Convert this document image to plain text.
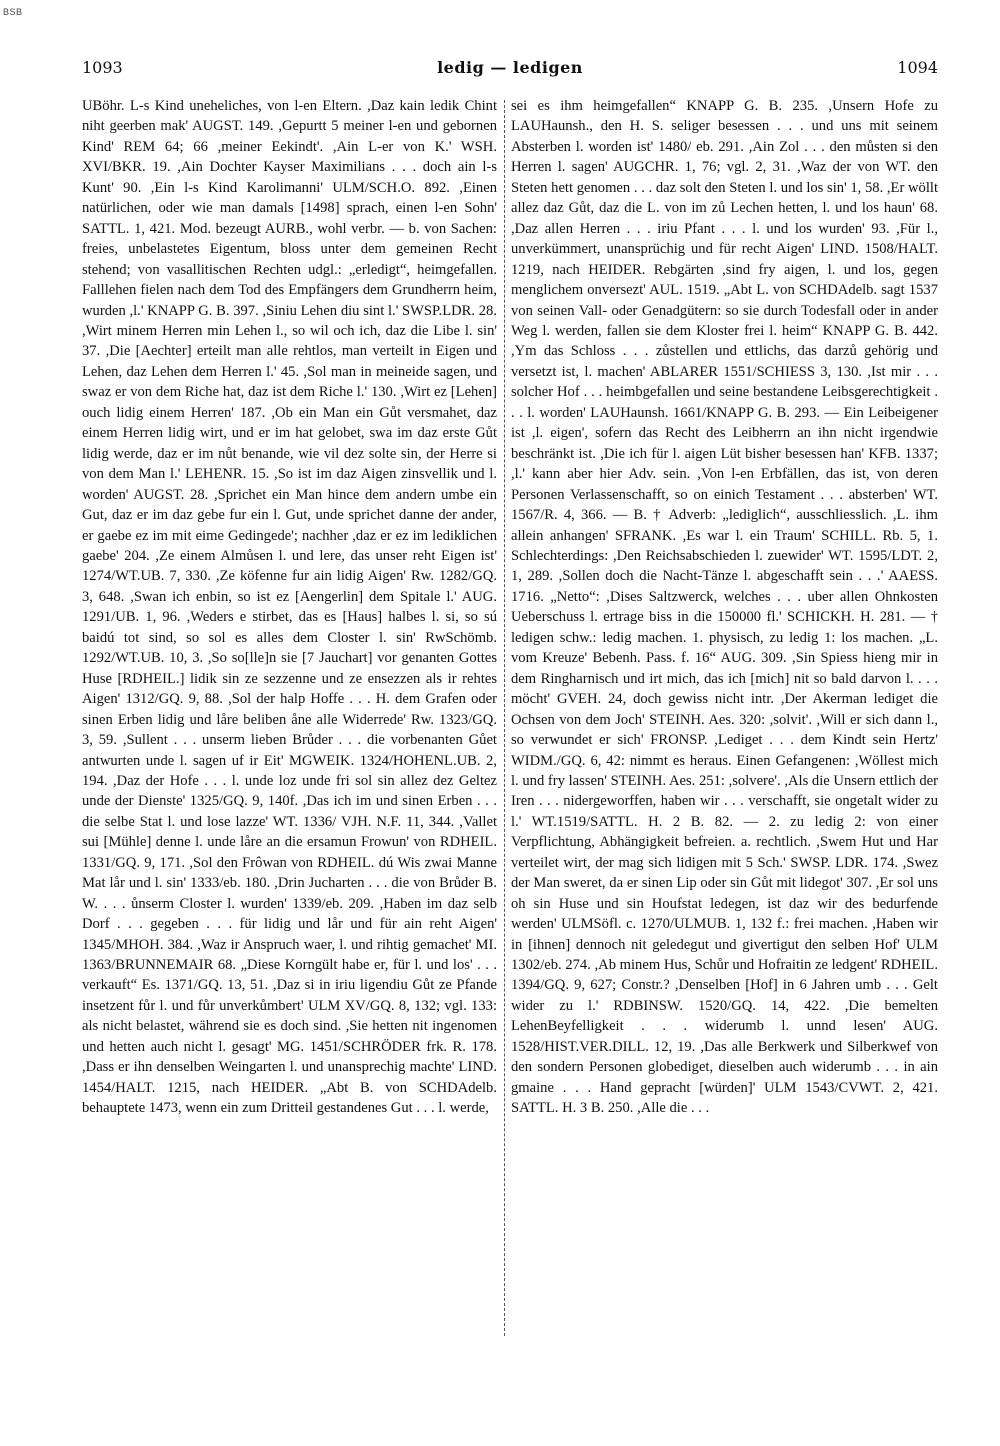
BSB
1093	ledig — ledigen	1094

UBöhr. L-s Kind uneheliches, von l-en Eltern. ,Daz kain ledik Chint niht geerben mak' AUGST. 149. ,Gepurtt 5 meiner l-en und gebornen Kind' REM 64; 66 ,meiner Eekindt'. ,Ain L-er von K.' WSH. XVI/BKR. 19. ,Ain Dochter Kayser Maximilians . . . doch ain l-s Kunt' 90. ,Ein l-s Kind Karolimanni' ULM/SCH.O. 892. ,Einen natürlichen, oder wie man damals [1498] sprach, einen l-en Sohn' SATTL. 1, 421. Mod. bezeugt AURB., wohl verbr. — b. von Sachen: freies, unbelastetes Eigentum, bloss unter dem gemeinen Recht stehend; von vasallitischen Rechten udgl.: „erledigt“, heimgefallen. Falllehen fielen nach dem Tod des Empfängers dem Grundherrn heim, wurden ,l.' KNAPP G. B. 397. ,Siniu Lehen diu sint l.' SWSP.LDR. 28. ,Wirt minem Herren min Lehen l., so wil och ich, daz die Libe l. sin' 37. ,Die [Aechter] erteilt man alle rehtlos, man verteilt in Eigen und Lehen, daz Lehen dem Herren l.' 45. ,Sol man in meineide sagen, und swaz er von dem Riche hat, daz ist dem Riche l.' 130. ,Wirt ez [Lehen] ouch lidig einem Herren' 187. ,Ob ein Man ein Gůt versmahet, daz einem Herren lidig wirt, und er im hat gelobet, swa im daz erste Gůt lidig werde, daz er im nůt benande, wie vil dez solte sin, der Herre si von dem Man l.' LEHENR. 15. ,So ist im daz Aigen zinsvellik und l. worden' AUGST. 28. ,Sprichet ein Man hince dem andern umbe ein Gut, daz er im daz gebe fur ein l. Gut, unde sprichet danne der ander, er gaebe ez im mit eime Gedingede'; nachher ,daz er ez im lediklichen gaebe' 204. ,Ze einem Almůsen l. und lere, das unser reht Eigen ist' 1274/WT.UB. 7, 330. ,Ze köfenne fur ain lidig Aigen' Rw. 1282/GQ. 3, 648. ,Swan ich enbin, so ist ez [Aengerlin] dem Spitale l.' AUG. 1291/UB. 1, 96. ,Weders e stirbet, das es [Haus] halbes l. si, so sú baidú tot sind, so sol es alles dem Closter l. sin' RwSchömb. 1292/WT.UB. 10, 3. ,So so[lle]n sie [7 Jauchart] vor genanten Gottes Huse [RDHEIL.] lidik sin ze sezzenne und ze ensezzen als ir rehtes Aigen' 1312/GQ. 9, 88. ,Sol der halp Hoffe . . . H. dem Grafen oder sinen Erben lidig und låre beliben åne alle Widerrede' Rw. 1323/GQ. 3, 59. ,Sullent . . . unserm lieben Brůder . . . die vorbenanten Gůet antwurten unde l. sagen uf ir Eit' MGWEIK. 1324/HOHENL.UB. 2, 194. ,Daz der Hofe . . . l. unde loz unde fri sol sin allez dez Geltez unde der Dienste' 1325/GQ. 9, 140f. ,Das ich im und sinen Erben . . . die selbe Stat l. und lose lazze' WT. 1336/ VJH. N.F. 11, 344. ,Vallet sui [Mühle] denne l. unde låre an die ersamun Frowun' von RDHEIL. 1331/GQ. 9, 171. ,Sol den Frôwan von RDHEIL. dú Wis zwai Manne Mat lår und l. sin' 1333/eb. 180. ,Drin Jucharten . . . die von Brůder B. W. . . . ůnserm Closter l. wurden' 1339/eb. 209. ,Haben im daz selb Dorf . . . gegeben . . . für lidig und lår und für ain reht Aigen' 1345/MHOH. 384. ,Waz ir Anspruch waer, l. und rihtig gemachet' MI. 1363/BRUNNEMAIR 68. „Diese Korngült habe er, für l. und los' . . . verkauft“ Es. 1371/GQ. 13, 51. ,Daz si in iriu ligendiu Gůt ze Pfande insetzent fůr l. und fůr unverkůmbert' ULM XV/GQ. 8, 132; vgl. 133: als nicht belastet, während sie es doch sind. ,Sie hetten nit ingenomen und hetten auch nicht l. gesagt' MG. 1451/SCHRÖDER frk. R. 178. ,Dass er ihn denselben Weingarten l. und unansprechig machte' LIND. 1454/HALT. 1215, nach HEIDER. „Abt B. von SCHDAdelb. behauptete 1473, wenn ein zum Dritteil gestandenes Gut . . . l. werde,

sei es ihm heimgefallen“ KNAPP G. B. 235. ,Unsern Hofe zu LAUHaunsh., den H. S. seliger besessen . . . und uns mit seinem Absterben l. worden ist' 1480/ eb. 291. ,Ain Zol . . . den můsten si den Herren l. sagen' AUGCHR. 1, 76; vgl. 2, 31. ,Waz der von WT. den Steten hett genomen . . . daz solt den Steten l. und los sin' 1, 58. ,Er wöllt allez daz Gůt, daz die L. von im zů Lechen hetten, l. und los haun' 68. ,Daz allen Herren . . . iriu Pfant . . . l. und los wurden' 93. ,Für l., unverkümmert, unansprüchig und für recht Aigen' LIND. 1508/HALT. 1219, nach HEIDER. Rebgärten ,sind fry aigen, l. und los, gegen menglichem onversezt' AUL. 1519. „Abt L. von SCHDAdelb. sagt 1537 von seinen Vall- oder Genadgütern: so sie durch Todesfall oder in ander Weg l. werden, fallen sie dem Kloster frei l. heim“ KNAPP G. B. 442. ,Ym das Schloss . . . zůstellen und ettlichs, das darzů gehörig und versetzt ist, l. machen' ABLARER 1551/SCHIESS 3, 130. ,Ist mir . . . solcher Hof . . . heimbgefallen und seine bestandene Leibsgerechtigkeit . . . l. worden' LAUHaunsh. 1661/KNAPP G. B. 293. — Ein Leibeigener ist ,l. eigen', sofern das Recht des Leibherrn an ihn nicht irgendwie beschränkt ist. ,Die ich für l. aigen Lüt bisher besessen han' KFB. 1337; ,l.' kann aber hier Adv. sein. ,Von l-en Erbfällen, das ist, von deren Personen Verlassenschafft, so on einich Testament . . . absterben' WT. 1567/R. 4, 366. — B. † Adverb: „lediglich“, ausschliesslich. ,L. ihm allein anhangen' SFRANK. ,Es war l. ein Traum' SCHILL. Rb. 5, 1. Schlechterdings: ,Den Reichsabschieden l. zuewider' WT. 1595/LDT. 2, 1, 289. ,Sollen doch die Nacht-Tänze l. abgeschafft sein . . .' AAESS. 1716. „Netto“: ,Dises Saltzwerck, welches . . . uber allen Ohnkosten Ueberschuss l. ertrage biss in die 150000 fl.' SCHICKH. H. 281. — † ledigen schw.: ledig machen. 1. physisch, zu ledig 1: los machen. „L. vom Kreuze' Bebenh. Pass. f. 16“ AUG. 309. ,Sin Spiess hieng mir in dem Ringharnisch und irt mich, das ich [mich] nit so bald darvon l. . . . möcht' GVEH. 24, doch gewiss nicht intr. ,Der Akerman lediget die Ochsen von dem Joch' STEINH. Aes. 320: ,solvit'. ,Will er sich dann l., so verwundet er sich' FRONSP. ,Lediget . . . dem Kindt sein Hertz' WIDM./GQ. 6, 42: nimmt es heraus. Einen Gefangenen: ,Wöllest mich l. und fry lassen' STEINH. Aes. 251: ,solvere'. ,Als die Unsern ettlich der Iren . . . nidergeworffen, haben wir . . . verschafft, sie ongetalt wider zu l.' WT.1519/SATTL. H. 2 B. 82. — 2. zu ledig 2: von einer Verpflichtung, Abhängigkeit befreien. a. rechtlich. ,Swem Hut und Har verteilet wirt, der mag sich lidigen mit 5 Sch.' SWSP. LDR. 174. ,Swez der Man sweret, da er sinen Lip oder sin Gůt mit lidegot' 307. ,Er sol uns oh sin Huse und sin Houfstat ledegen, ist daz wir des bedurfende werden' ULMSöfl. c. 1270/ULMUB. 1, 132 f.: frei machen. ,Haben wir in [ihnen] dennoch nit geledegut und givertigut den selben Hof' ULM 1302/eb. 274. ,Ab minem Hus, Schůr und Hofraitin ze ledgent' RDHEIL. 1394/GQ. 9, 627; Constr.? ,Denselben [Hof] in 6 Jahren umb . . . Gelt wider zu l.' RDBINSW. 1520/GQ. 14, 422. ,Die bemelten LehenBeyfelligkeit . . . widerumb l. unnd lesen' AUG. 1528/HIST.VER.DILL. 12, 19. ,Das alle Berkwerk und Silberkwef von den sondern Personen globediget, dieselben auch widerumb . . . in ain gmaine . . . Hand gepracht [würden]' ULM 1543/CVWT. 2, 421. SATTL. H. 3 B. 250. ,Alle die . . .
